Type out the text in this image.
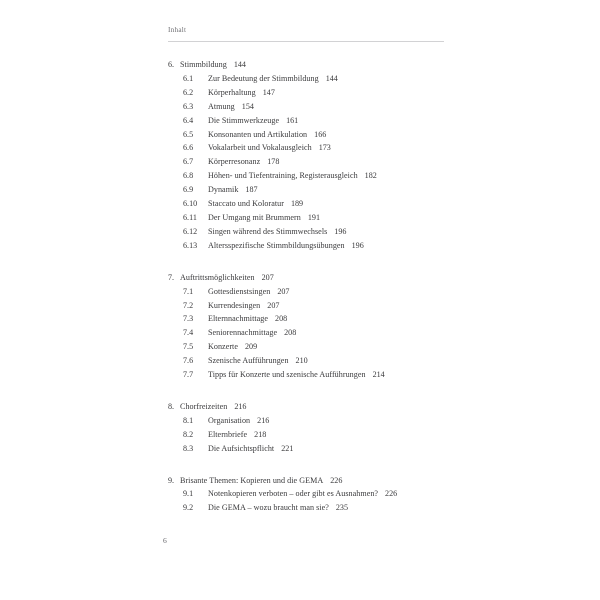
Inhalt
6. Stimmbildung 144
6.1	Zur Bedeutung der Stimmbildung 144
6.2	Körperhaltung 147
6.3	Atmung 154
6.4	Die Stimmwerkzeuge 161
6.5	Konsonanten und Artikulation 166
6.6	Vokalarbeit und Vokalausgleich 173
6.7	Körperresonanz 178
6.8	Höhen- und Tiefentraining, Registerausgleich 182
6.9	Dynamik 187
6.10	Staccato und Koloratur 189
6.11	Der Umgang mit Brummern 191
6.12	Singen während des Stimmwechsels 196
6.13	Altersspezifische Stimmbildungsübungen 196
7. Auftrittsmöglichkeiten 207
7.1	Gottesdienstsingen 207
7.2	Kurrendesingen 207
7.3	Elternnachmittage 208
7.4	Seniorennachmittage 208
7.5	Konzerte 209
7.6	Szenische Aufführungen 210
7.7	Tipps für Konzerte und szenische Aufführungen 214
8. Chorfreizeiten 216
8.1	Organisation 216
8.2	Elternbriefe 218
8.3	Die Aufsichtspflicht 221
9. Brisante Themen: Kopieren und die GEMA 226
9.1	Notenkopieren verboten – oder gibt es Ausnahmen? 226
9.2	Die GEMA – wozu braucht man sie? 235
6
